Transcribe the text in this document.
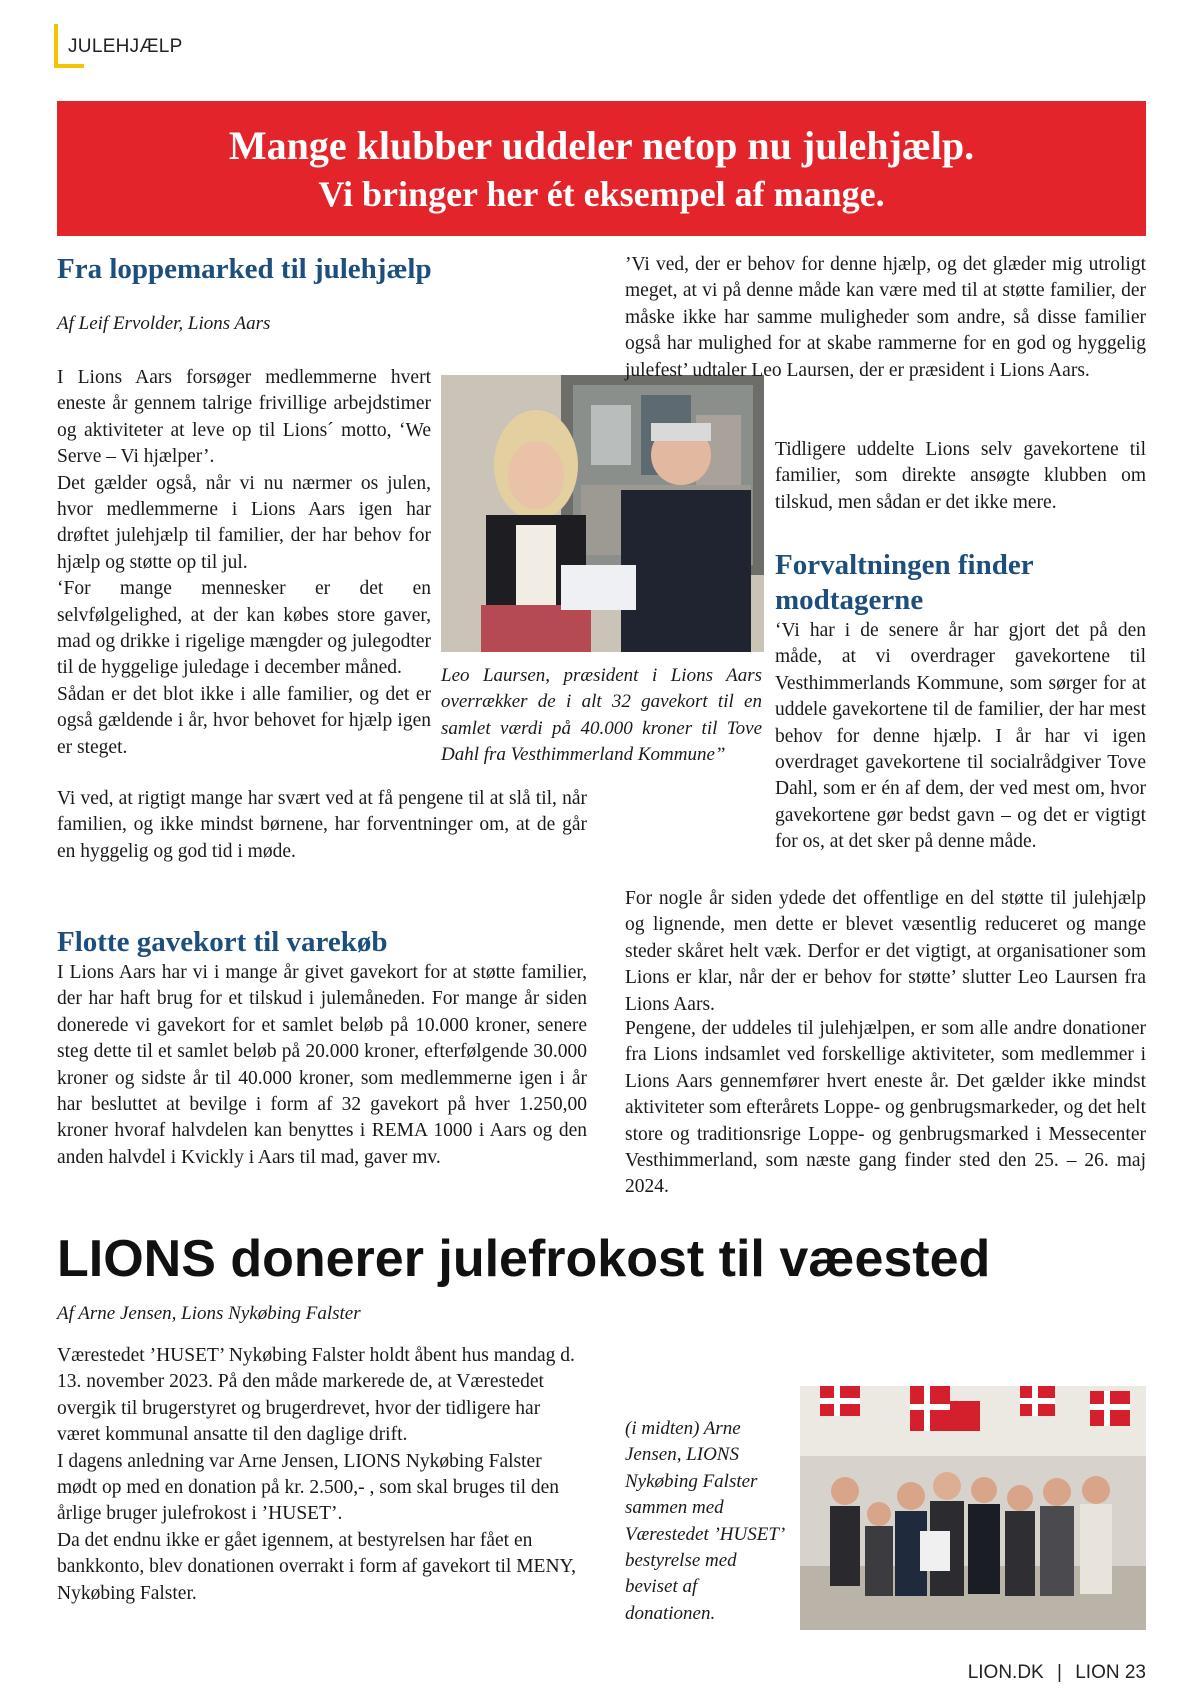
JULEHJÆLP
Mange klubber uddeler netop nu julehjælp.
Vi bringer her ét eksempel af mange.
Fra loppemarked til julehjælp
Af Leif Ervolder, Lions Aars

I Lions Aars forsøger medlemmerne hvert eneste år gennem talrige frivillige arbejdstimer og aktiviteter at leve op til Lions´ motto, ‘We Serve – Vi hjælper’.

Det gælder også, når vi nu nærmer os julen, hvor medlemmerne i Lions Aars igen har drøftet julehjælp til familier, der har behov for hjælp og støtte op til jul.

‘For mange mennesker er det en selvfølgelighed, at der kan købes store gaver, mad og drikke i rigelige mængder og julegodter til de hyggelige juledage i december måned.

Sådan er det blot ikke i alle familier, og det er også gældende i år, hvor behovet for hjælp igen er steget.

Vi ved, at rigtigt mange har svært ved at få pengene til at slå til, når familien, og ikke mindst børnene, har forventninger om, at de går en hyggelig og god tid i møde.
Leo Laursen, præsident i Lions Aars overrækker de i alt 32 gavekort til en samlet værdi på 40.000 kroner til Tove Dahl fra Vesthimmerland Kommune”
Flotte gavekort til varekøb
I Lions Aars har vi i mange år givet gavekort for at støtte familier, der har haft brug for et tilskud i julemåneden. For mange år siden donerede vi gavekort for et samlet beløb på 10.000 kroner, senere steg dette til et samlet beløb på 20.000 kroner, efterfølgende 30.000 kroner og sidste år til 40.000 kroner, som medlemmerne igen i år har besluttet at bevilge i form af 32 gavekort på hver 1.250,00 kroner hvoraf halvdelen kan benyttes i REMA 1000 i Aars og den anden halvdel i Kvickly i Aars til mad, gaver mv.
’Vi ved, der er behov for denne hjælp, og det glæder mig utroligt meget, at vi på denne måde kan være med til at støtte familier, der måske ikke har samme muligheder som andre, så disse familier også har mulighed for at skabe rammerne for en god og hyggelig julefest’ udtaler Leo Laursen, der er præsident i Lions Aars.
Tidligere uddelte Lions selv gavekortene til familier, som direkte ansøgte klubben om tilskud, men sådan er det ikke mere.
Forvaltningen finder modtagerne
‘Vi har i de senere år har gjort det på den måde, at vi overdrager gavekortene til Vesthimmerlands Kommune, som sørger for at uddele gavekortene til de familier, der har mest behov for denne hjælp. I år har vi igen overdraget gavekortene til socialrådgiver Tove Dahl, som er én af dem, der ved mest om, hvor gavekortene gør bedst gavn – og det er vigtigt for os, at det sker på denne måde.
For nogle år siden ydede det offentlige en del støtte til julehjælp og lignende, men dette er blevet væsentlig reduceret og mange steder skåret helt væk. Derfor er det vigtigt, at organisationer som Lions er klar, når der er behov for støtte’ slutter Leo Laursen fra Lions Aars.
Pengene, der uddeles til julehjælpen, er som alle andre donationer fra Lions indsamlet ved forskellige aktiviteter, som medlemmer i Lions Aars gennemfører hvert eneste år. Det gælder ikke mindst aktiviteter som efterårets Loppe- og genbrugsmarkeder, og det helt store og traditionsrige Loppe- og genbrugsmarked i Messecenter Vesthimmerland, som næste gang finder sted den 25. – 26. maj 2024.
LIONS donerer julefrokost til væested
Af Arne Jensen, Lions Nykøbing Falster

Værestedet ’HUSET’ Nykøbing Falster holdt åbent hus mandag d. 13. november 2023. På den måde markerede de, at Værestedet overgik til brugerstyret og brugerdrevet, hvor der tidligere har været kommunal ansatte til den daglige drift.

I dagens anledning var Arne Jensen, LIONS Nykøbing Falster mødt op med en donation på kr. 2.500,- , som skal bruges til den årlige bruger julefrokost i ’HUSET’.

Da det endnu ikke er gået igennem, at bestyrelsen har fået en bankkonto, blev donationen overrakt i form af gavekort til MENY, Nykøbing Falster.

(i midten) Arne Jensen, LIONS Nykøbing Falster sammen med Værestedet ’HUSET’ bestyrelse med beviset af donationen.
LION.DK | LION 23
